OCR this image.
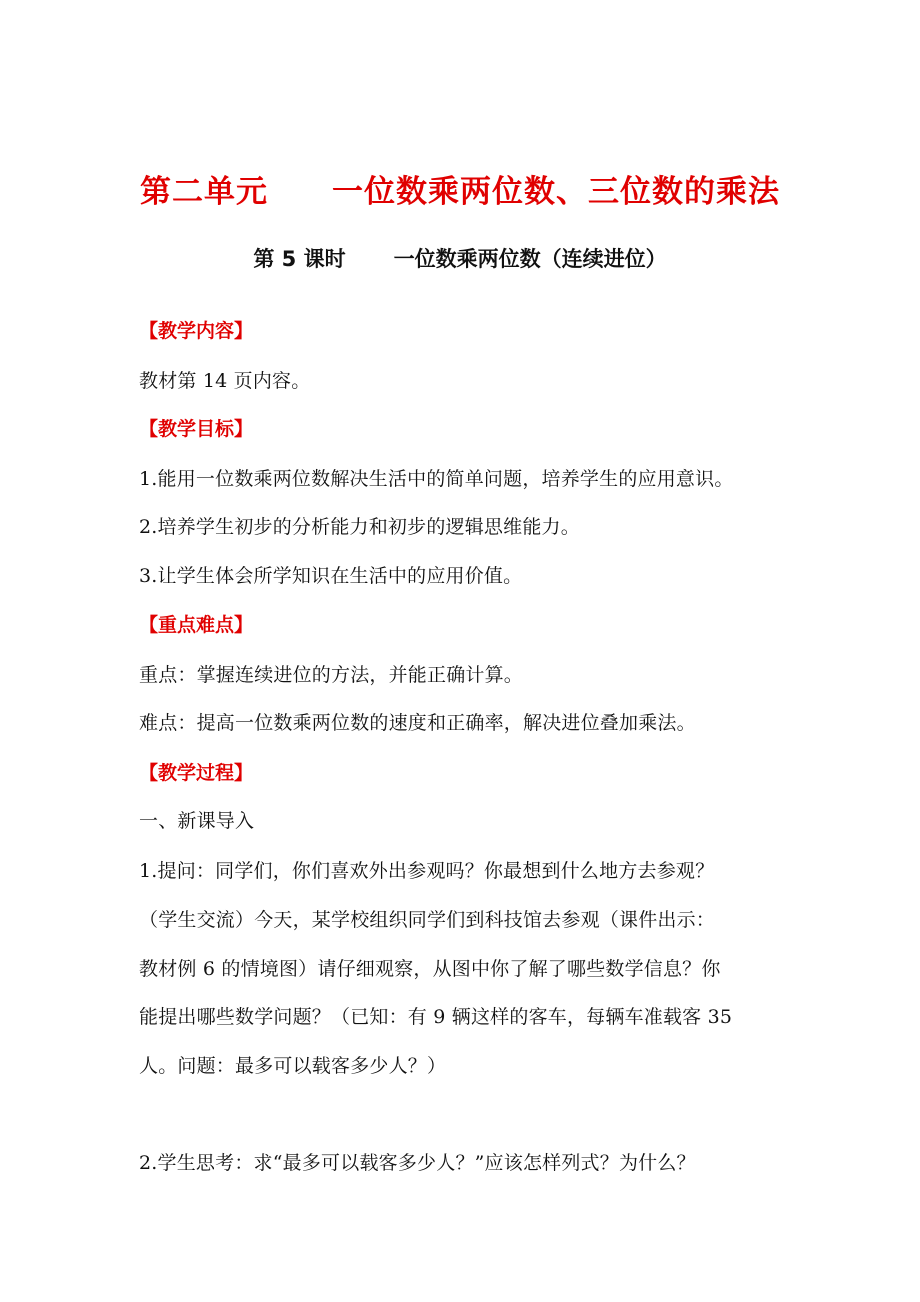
第二单元 一位数乘两位数、三位数的乘法
第 5 课时 一位数乘两位数（连续进位）
【教学内容】
教材第 14 页内容。
【教学目标】
1.能用一位数乘两位数解决生活中的简单问题，培养学生的应用意识。
2.培养学生初步的分析能力和初步的逻辑思维能力。
3.让学生体会所学知识在生活中的应用价值。
【重点难点】
重点：掌握连续进位的方法，并能正确计算。
难点：提高一位数乘两位数的速度和正确率，解决进位叠加乘法。
【教学过程】
一、新课导入
1.提问：同学们，你们喜欢外出参观吗？你最想到什么地方去参观？
（学生交流）今天，某学校组织同学们到科技馆去参观（课件出示：
教材例 6 的情境图）请仔细观察，从图中你了解了哪些数学信息？你
能提出哪些数学问题？（已知：有 9 辆这样的客车，每辆车准载客 35
人。问题：最多可以载客多少人？）
2.学生思考：求“最多可以载客多少人？”应该怎样列式？为什么？
